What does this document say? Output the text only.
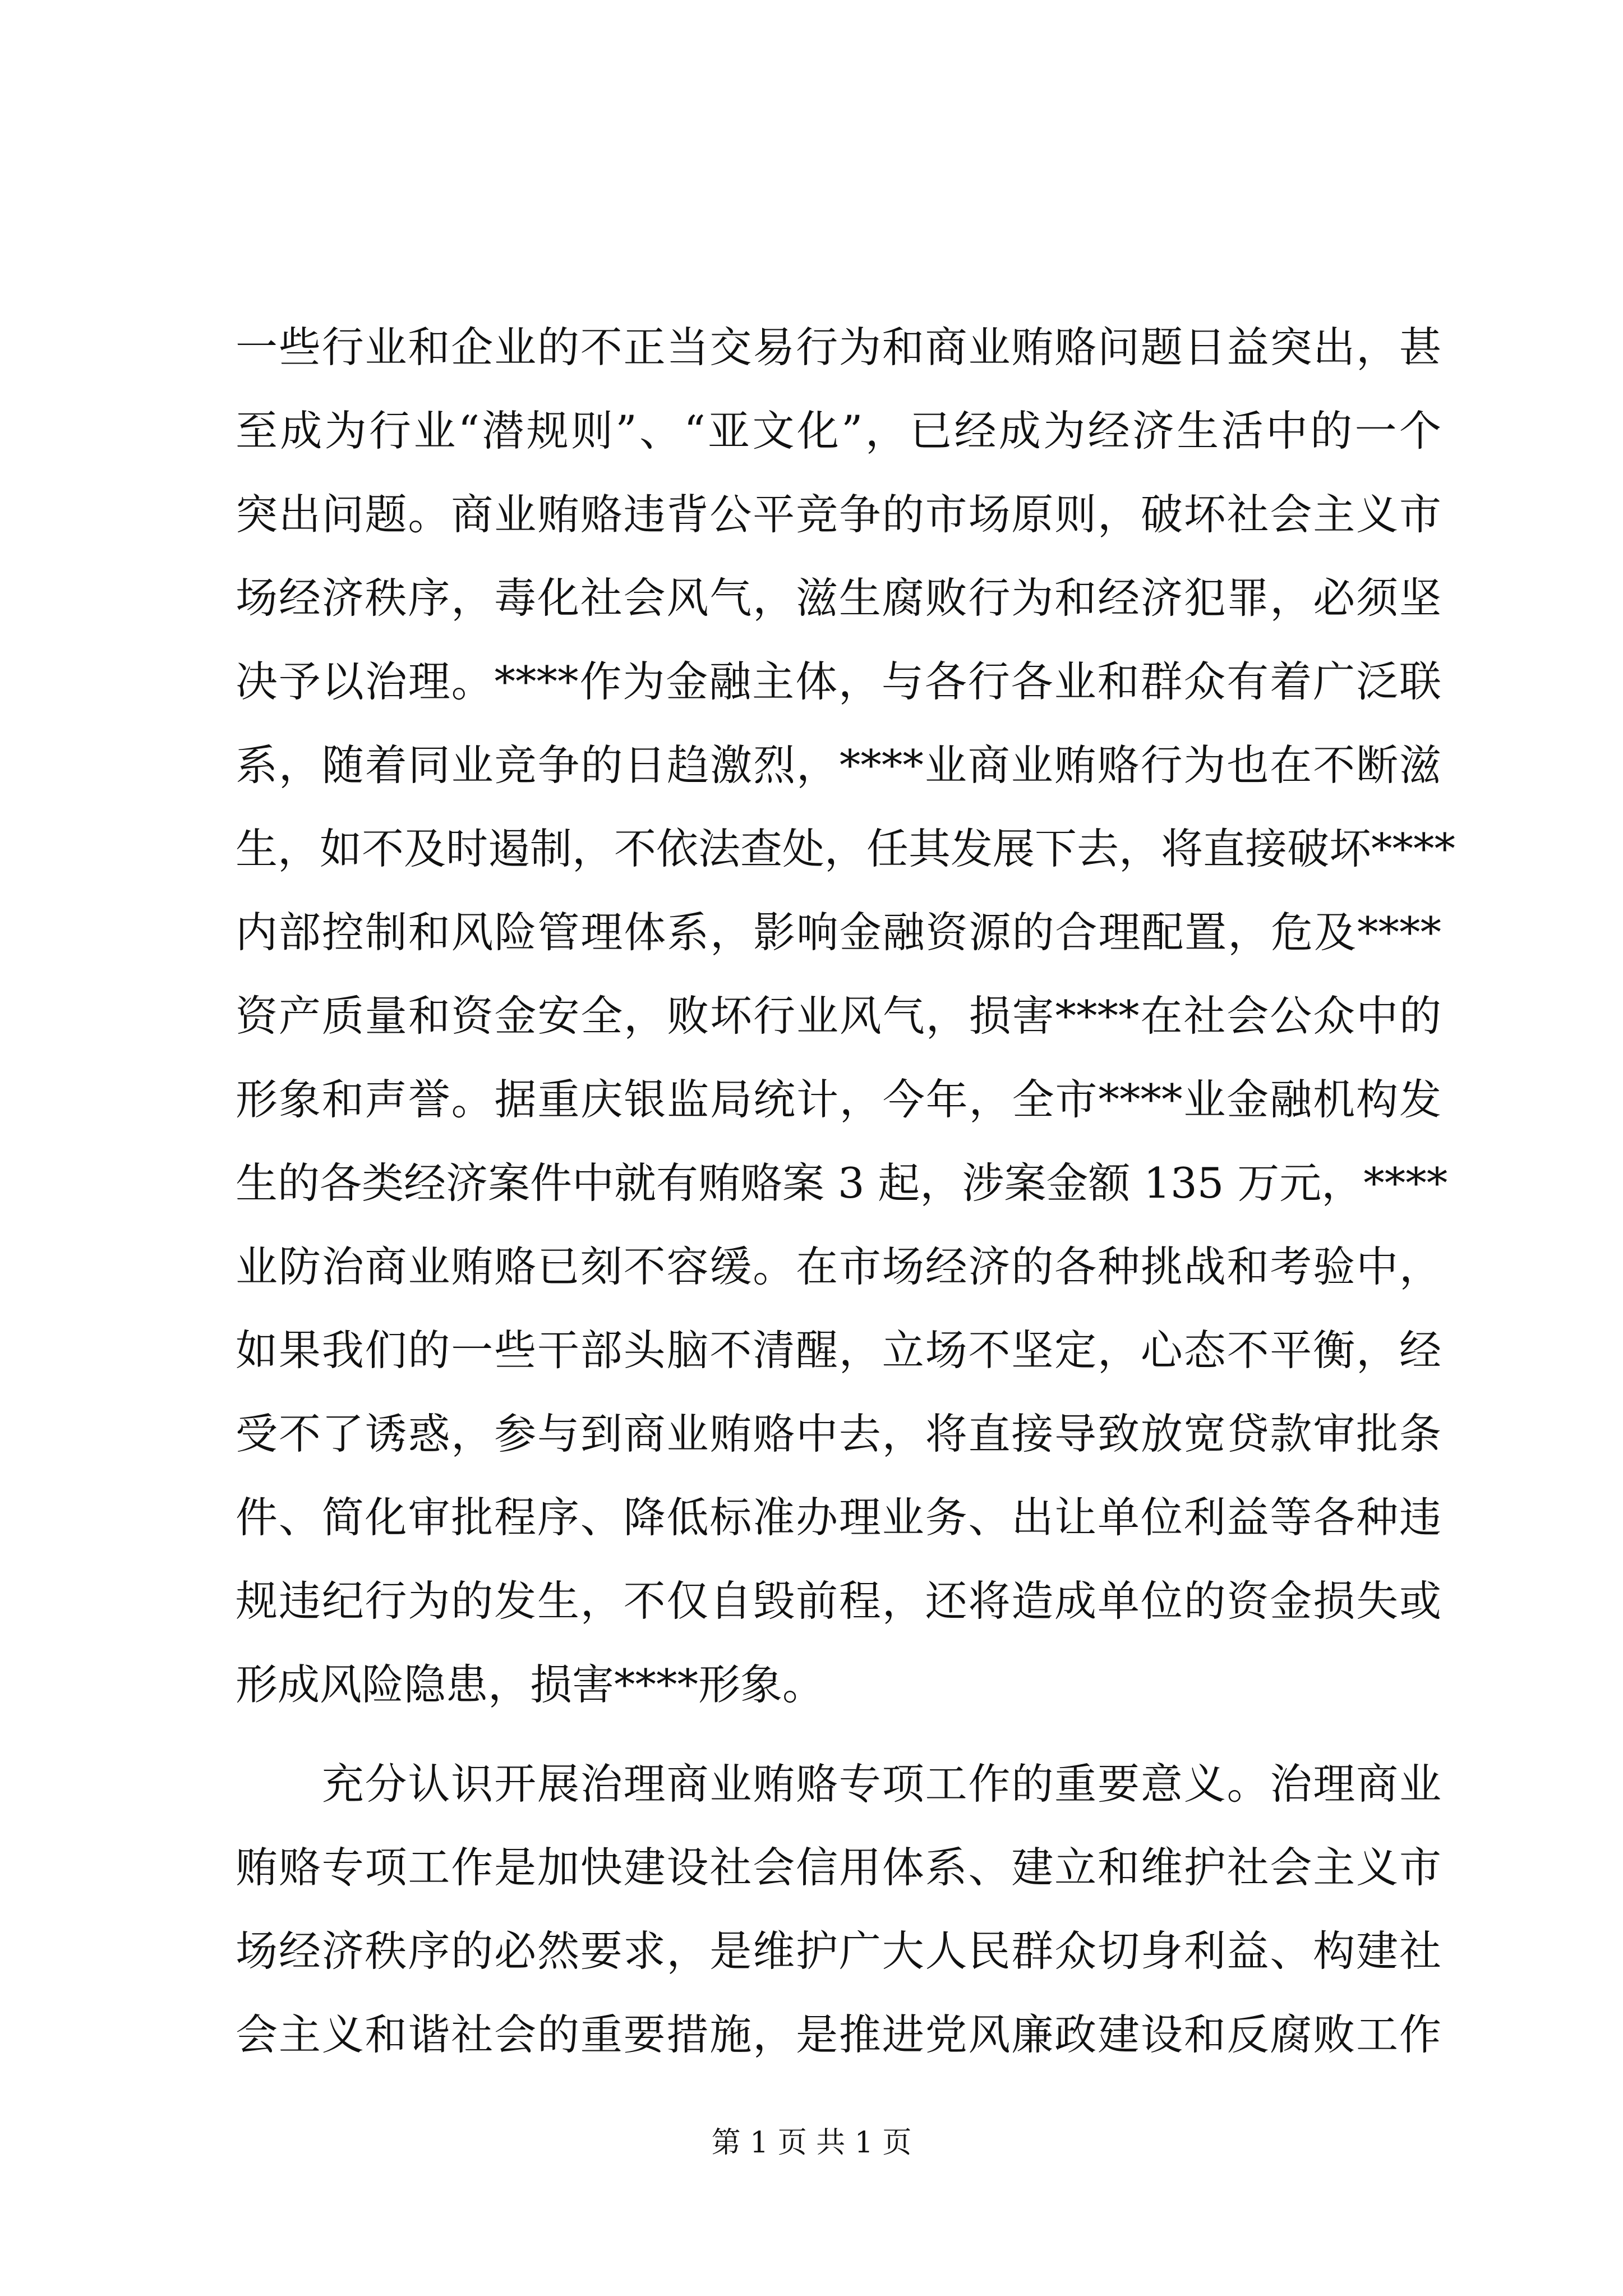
一些行业和企业的不正当交易行为和商业贿赂问题日益突出，甚
至成为行业“潜规则”、“亚文化”，已经成为经济生活中的一个
突出问题。商业贿赂违背公平竞争的市场原则，破坏社会主义市
场经济秩序，毒化社会风气，滋生腐败行为和经济犯罪，必须坚
决予以治理。****作为金融主体，与各行各业和群众有着广泛联
系，随着同业竞争的日趋激烈，****业商业贿赂行为也在不断滋
生，如不及时遏制，不依法查处，任其发展下去，将直接破坏****
内部控制和风险管理体系，影响金融资源的合理配置，危及****
资产质量和资金安全，败坏行业风气，损害****在社会公众中的
形象和声誉。据重庆银监局统计，今年，全市****业金融机构发
生的各类经济案件中就有贿赂案 3 起，涉案金额 135 万元，****
业防治商业贿赂已刻不容缓。在市场经济的各种挑战和考验中，
如果我们的一些干部头脑不清醒，立场不坚定，心态不平衡，经
受不了诱惑，参与到商业贿赂中去，将直接导致放宽贷款审批条
件、简化审批程序、降低标准办理业务、出让单位利益等各种违
规违纪行为的发生，不仅自毁前程，还将造成单位的资金损失或
形成风险隐患，损害****形象。
　　充分认识开展治理商业贿赂专项工作的重要意义。治理商业
贿赂专项工作是加快建设社会信用体系、建立和维护社会主义市
场经济秩序的必然要求，是维护广大人民群众切身利益、构建社
会主义和谐社会的重要措施，是推进党风廉政建设和反腐败工作
第 1 页 共 1 页
